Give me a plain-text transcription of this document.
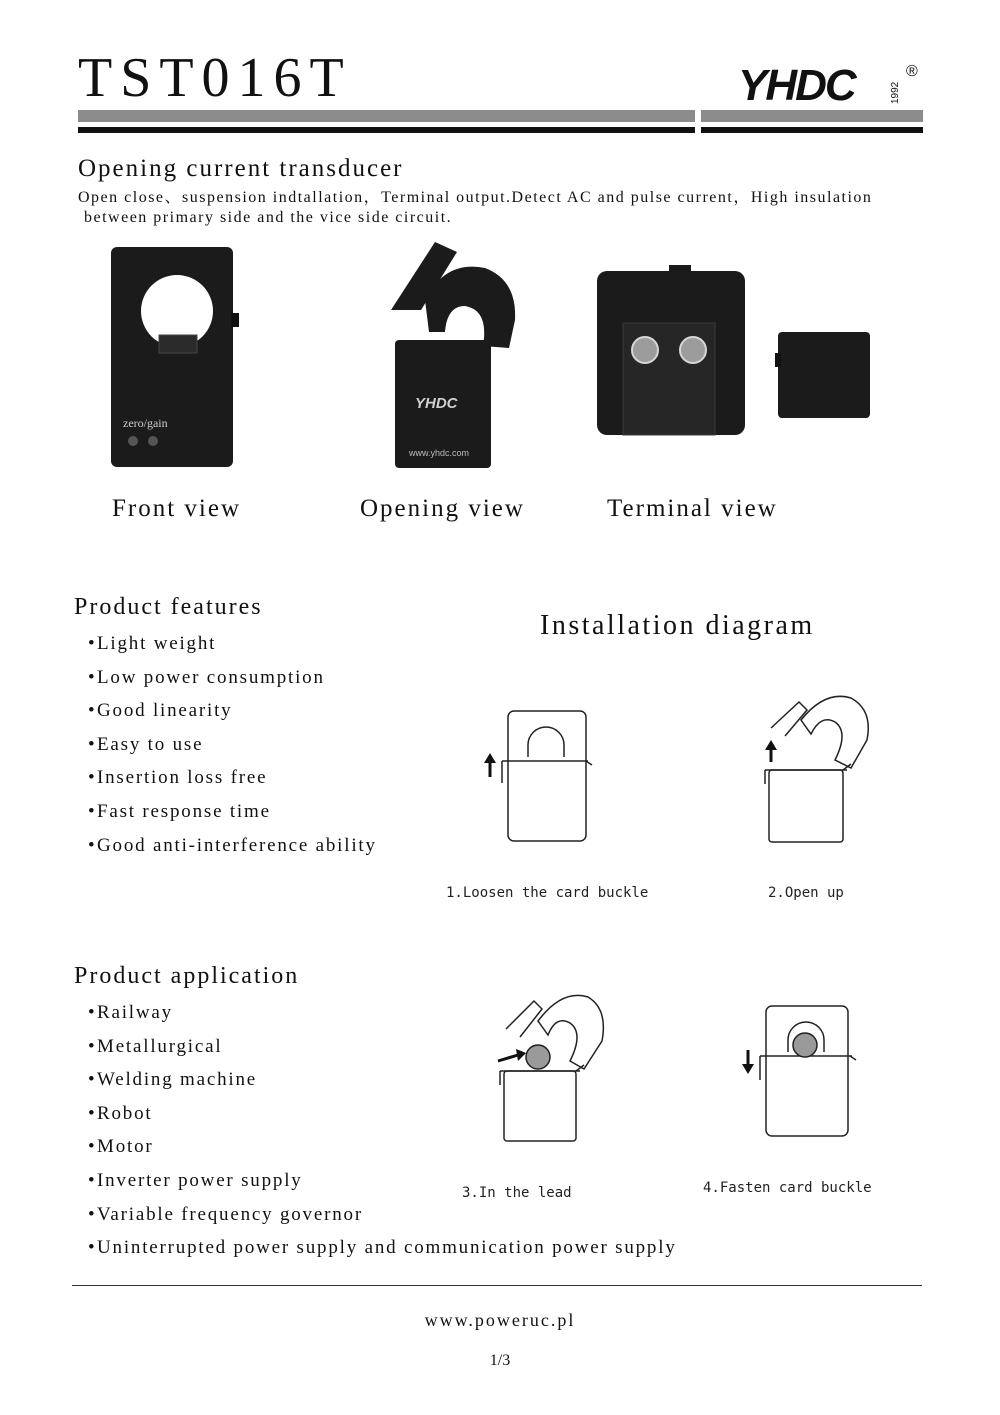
TST016T	YHDC	1992
®
Opening current transducer

Open close、suspension indtallation，Terminal output.Detect AC and pulse current，High insulation
between primary side and the vice side circuit.

zero/gain
YHDC
www.yhdc.com
Front view	Opening view	Terminal view
Product features
•Light weight
•Low power consumption
•Good linearity
•Easy to use
•Insertion loss free
•Fast response time
•Good anti-interference ability
Installation diagram
1.Loosen the card buckle	2.Open up
Product application
•Railway
•Metallurgical
•Welding machine
•Robot
•Motor
•Inverter power supply
•Variable frequency governor
•Uninterrupted power supply and communication power supply
3.In the lead	4.Fasten card buckle
www.poweruc.pl
1/3
